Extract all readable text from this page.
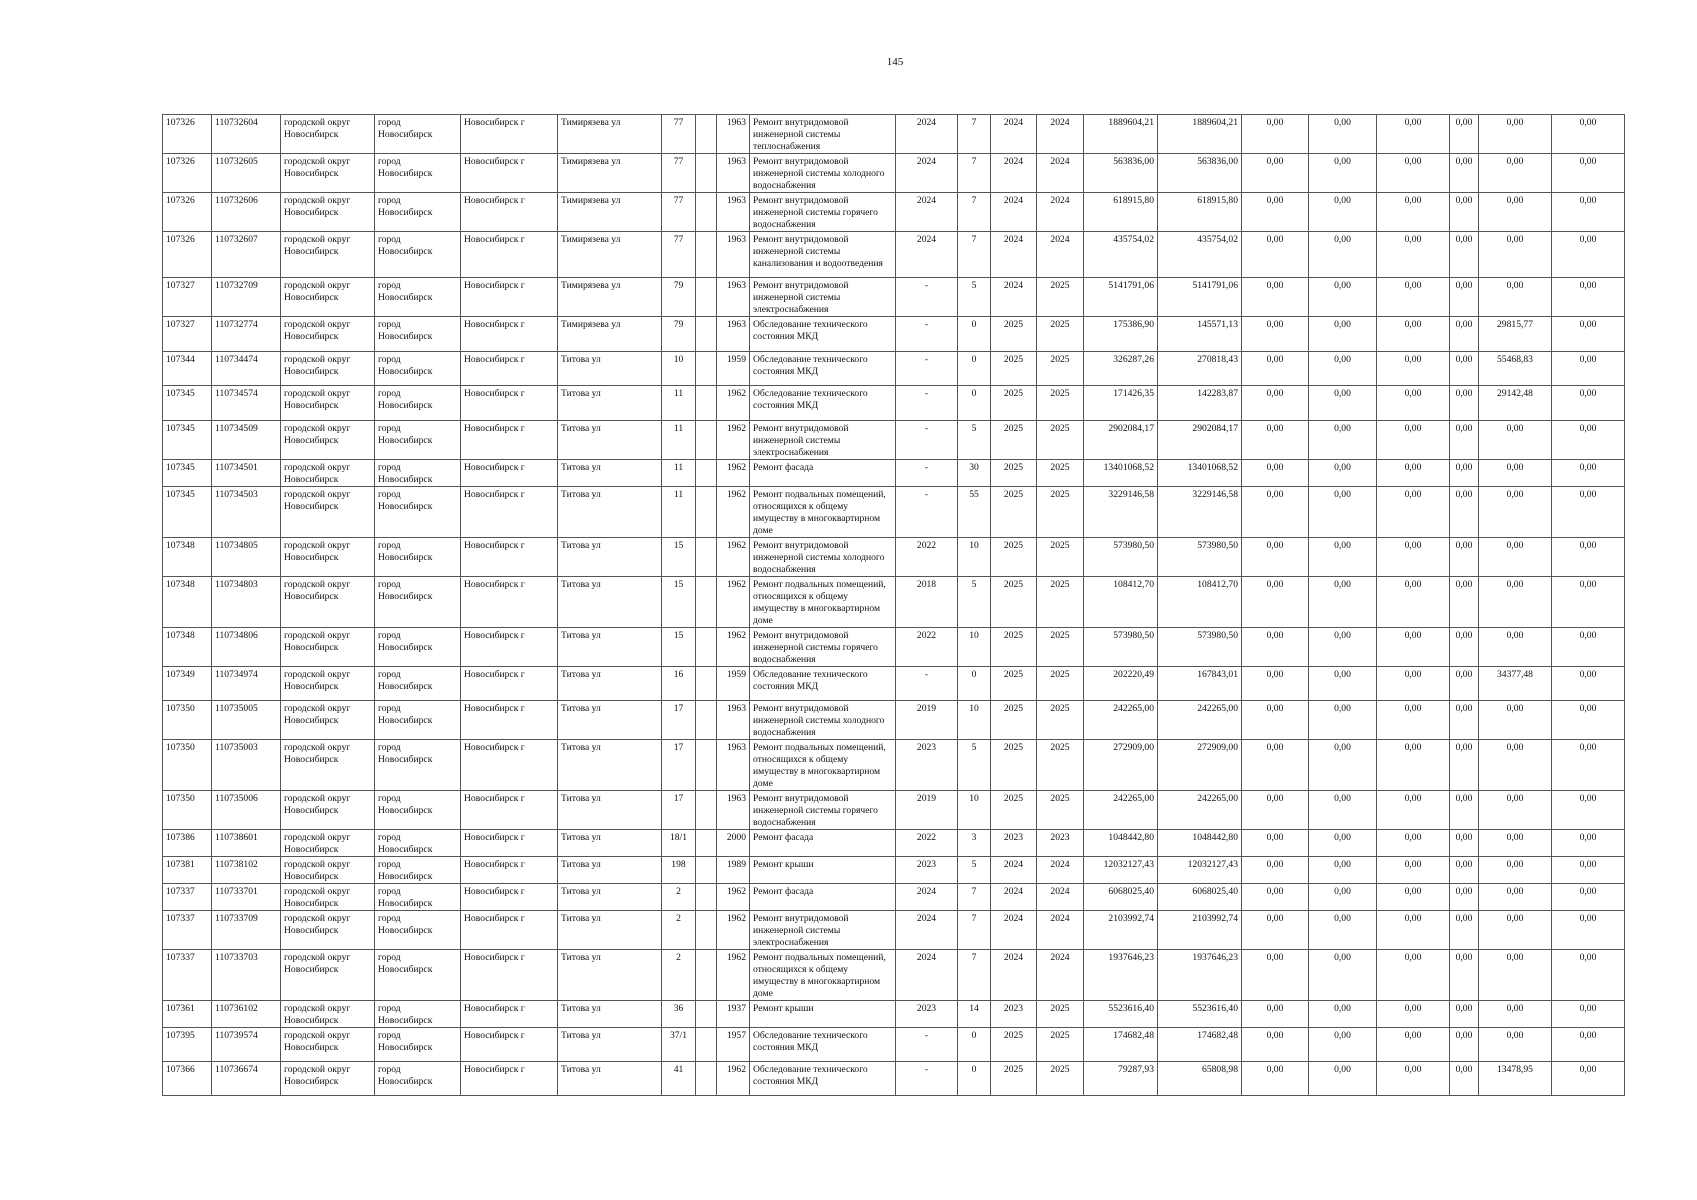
145
107326	110732604	городской округ Новосибирск	город Новосибирск	Новосибирск г	Тимирязева ул	77		1963	Ремонт внутридомовой инженерной системы теплоснабжения	2024	7	2024	2024	1889604,21	1889604,21	0,00	0,00	0,00	0,00	0,00	0,00
107326	110732605	городской округ Новосибирск	город Новосибирск	Новосибирск г	Тимирязева ул	77		1963	Ремонт внутридомовой инженерной системы холодного водоснабжения	2024	7	2024	2024	563836,00	563836,00	0,00	0,00	0,00	0,00	0,00	0,00
107326	110732606	городской округ Новосибирск	город Новосибирск	Новосибирск г	Тимирязева ул	77		1963	Ремонт внутридомовой инженерной системы горячего водоснабжения	2024	7	2024	2024	618915,80	618915,80	0,00	0,00	0,00	0,00	0,00	0,00
107326	110732607	городской округ Новосибирск	город Новосибирск	Новосибирск г	Тимирязева ул	77		1963	Ремонт внутридомовой инженерной системы канализования и водоотведения	2024	7	2024	2024	435754,02	435754,02	0,00	0,00	0,00	0,00	0,00	0,00
107327	110732709	городской округ Новосибирск	город Новосибирск	Новосибирск г	Тимирязева ул	79		1963	Ремонт внутридомовой инженерной системы электроснабжения	-	5	2024	2025	5141791,06	5141791,06	0,00	0,00	0,00	0,00	0,00	0,00
107327	110732774	городской округ Новосибирск	город Новосибирск	Новосибирск г	Тимирязева ул	79		1963	Обследование технического состояния МКД	-	0	2025	2025	175386,90	145571,13	0,00	0,00	0,00	0,00	29815,77	0,00
107344	110734474	городской округ Новосибирск	город Новосибирск	Новосибирск г	Титова ул	10		1959	Обследование технического состояния МКД	-	0	2025	2025	326287,26	270818,43	0,00	0,00	0,00	0,00	55468,83	0,00
107345	110734574	городской округ Новосибирск	город Новосибирск	Новосибирск г	Титова ул	11		1962	Обследование технического состояния МКД	-	0	2025	2025	171426,35	142283,87	0,00	0,00	0,00	0,00	29142,48	0,00
107345	110734509	городской округ Новосибирск	город Новосибирск	Новосибирск г	Титова ул	11		1962	Ремонт внутридомовой инженерной системы электроснабжения	-	5	2025	2025	2902084,17	2902084,17	0,00	0,00	0,00	0,00	0,00	0,00
107345	110734501	городской округ Новосибирск	город Новосибирск	Новосибирск г	Титова ул	11		1962	Ремонт фасада	-	30	2025	2025	13401068,52	13401068,52	0,00	0,00	0,00	0,00	0,00	0,00
107345	110734503	городской округ Новосибирск	город Новосибирск	Новосибирск г	Титова ул	11		1962	Ремонт подвальных помещений, относящихся к общему имуществу в многоквартирном доме	-	55	2025	2025	3229146,58	3229146,58	0,00	0,00	0,00	0,00	0,00	0,00
107348	110734805	городской округ Новосибирск	город Новосибирск	Новосибирск г	Титова ул	15		1962	Ремонт внутридомовой инженерной системы холодного водоснабжения	2022	10	2025	2025	573980,50	573980,50	0,00	0,00	0,00	0,00	0,00	0,00
107348	110734803	городской округ Новосибирск	город Новосибирск	Новосибирск г	Титова ул	15		1962	Ремонт подвальных помещений, относящихся к общему имуществу в многоквартирном доме	2018	5	2025	2025	108412,70	108412,70	0,00	0,00	0,00	0,00	0,00	0,00
107348	110734806	городской округ Новосибирск	город Новосибирск	Новосибирск г	Титова ул	15		1962	Ремонт внутридомовой инженерной системы горячего водоснабжения	2022	10	2025	2025	573980,50	573980,50	0,00	0,00	0,00	0,00	0,00	0,00
107349	110734974	городской округ Новосибирск	город Новосибирск	Новосибирск г	Титова ул	16		1959	Обследование технического состояния МКД	-	0	2025	2025	202220,49	167843,01	0,00	0,00	0,00	0,00	34377,48	0,00
107350	110735005	городской округ Новосибирск	город Новосибирск	Новосибирск г	Титова ул	17		1963	Ремонт внутридомовой инженерной системы холодного водоснабжения	2019	10	2025	2025	242265,00	242265,00	0,00	0,00	0,00	0,00	0,00	0,00
107350	110735003	городской округ Новосибирск	город Новосибирск	Новосибирск г	Титова ул	17		1963	Ремонт подвальных помещений, относящихся к общему имуществу в многоквартирном доме	2023	5	2025	2025	272909,00	272909,00	0,00	0,00	0,00	0,00	0,00	0,00
107350	110735006	городской округ Новосибирск	город Новосибирск	Новосибирск г	Титова ул	17		1963	Ремонт внутридомовой инженерной системы горячего водоснабжения	2019	10	2025	2025	242265,00	242265,00	0,00	0,00	0,00	0,00	0,00	0,00
107386	110738601	городской округ Новосибирск	город Новосибирск	Новосибирск г	Титова ул	18/1		2000	Ремонт фасада	2022	3	2023	2023	1048442,80	1048442,80	0,00	0,00	0,00	0,00	0,00	0,00
107381	110738102	городской округ Новосибирск	город Новосибирск	Новосибирск г	Титова ул	198		1989	Ремонт крыши	2023	5	2024	2024	12032127,43	12032127,43	0,00	0,00	0,00	0,00	0,00	0,00
107337	110733701	городской округ Новосибирск	город Новосибирск	Новосибирск г	Титова ул	2		1962	Ремонт фасада	2024	7	2024	2024	6068025,40	6068025,40	0,00	0,00	0,00	0,00	0,00	0,00
107337	110733709	городской округ Новосибирск	город Новосибирск	Новосибирск г	Титова ул	2		1962	Ремонт внутридомовой инженерной системы электроснабжения	2024	7	2024	2024	2103992,74	2103992,74	0,00	0,00	0,00	0,00	0,00	0,00
107337	110733703	городской округ Новосибирск	город Новосибирск	Новосибирск г	Титова ул	2		1962	Ремонт подвальных помещений, относящихся к общему имуществу в многоквартирном доме	2024	7	2024	2024	1937646,23	1937646,23	0,00	0,00	0,00	0,00	0,00	0,00
107361	110736102	городской округ Новосибирск	город Новосибирск	Новосибирск г	Титова ул	36		1937	Ремонт крыши	2023	14	2023	2025	5523616,40	5523616,40	0,00	0,00	0,00	0,00	0,00	0,00
107395	110739574	городской округ Новосибирск	город Новосибирск	Новосибирск г	Титова ул	37/1		1957	Обследование технического состояния МКД	-	0	2025	2025	174682,48	174682,48	0,00	0,00	0,00	0,00	0,00	0,00
107366	110736674	городской округ Новосибирск	город Новосибирск	Новосибирск г	Титова ул	41		1962	Обследование технического состояния МКД	-	0	2025	2025	79287,93	65808,98	0,00	0,00	0,00	0,00	13478,95	0,00
